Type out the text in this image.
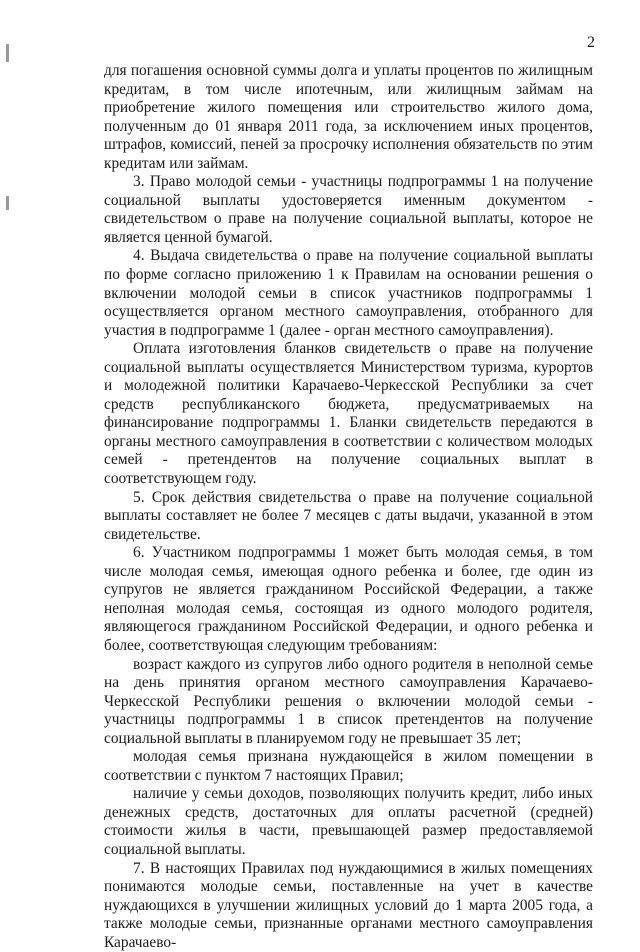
2

для погашения основной суммы долга и уплаты процентов по жилищным кредитам, в том числе ипотечным, или жилищным займам на приобретение жилого помещения или строительство жилого дома, полученным до 01 января 2011 года, за исключением иных процентов, штрафов, комиссий, пеней за просрочку исполнения обязательств по этим кредитам или займам.

3. Право молодой семьи - участницы подпрограммы 1 на получение социальной выплаты удостоверяется именным документом - свидетельством о праве на получение социальной выплаты, которое не является ценной бумагой.

4. Выдача свидетельства о праве на получение социальной выплаты по форме согласно приложению 1 к Правилам на основании решения о включении молодой семьи в список участников подпрограммы 1 осуществляется органом местного самоуправления, отобранного для участия в подпрограмме 1 (далее - орган местного самоуправления).

Оплата изготовления бланков свидетельств о праве на получение социальной выплаты осуществляется Министерством туризма, курортов и молодежной политики Карачаево-Черкесской Республики за счет средств республиканского бюджета, предусматриваемых на финансирование подпрограммы 1. Бланки свидетельств передаются в органы местного самоуправления в соответствии с количеством молодых семей - претендентов на получение социальных выплат в соответствующем году.

5. Срок действия свидетельства о праве на получение социальной выплаты составляет не более 7 месяцев с даты выдачи, указанной в этом свидетельстве.

6. Участником подпрограммы 1 может быть молодая семья, в том числе молодая семья, имеющая одного ребенка и более, где один из супругов не является гражданином Российской Федерации, а также неполная молодая семья, состоящая из одного молодого родителя, являющегося гражданином Российской Федерации, и одного ребенка и более, соответствующая следующим требованиям:

возраст каждого из супругов либо одного родителя в неполной семье на день принятия органом местного самоуправления Карачаево-Черкесской Республики решения о включении молодой семьи - участницы подпрограммы 1 в список претендентов на получение социальной выплаты в планируемом году не превышает 35 лет;

молодая семья признана нуждающейся в жилом помещении в соответствии с пунктом 7 настоящих Правил;

наличие у семьи доходов, позволяющих получить кредит, либо иных денежных средств, достаточных для оплаты расчетной (средней) стоимости жилья в части, превышающей размер предоставляемой социальной выплаты.

7. В настоящих Правилах под нуждающимися в жилых помещениях понимаются молодые семьи, поставленные на учет в качестве нуждающихся в улучшении жилищных условий до 1 марта 2005 года, а также молодые семьи, признанные органами местного самоуправления Карачаево-
